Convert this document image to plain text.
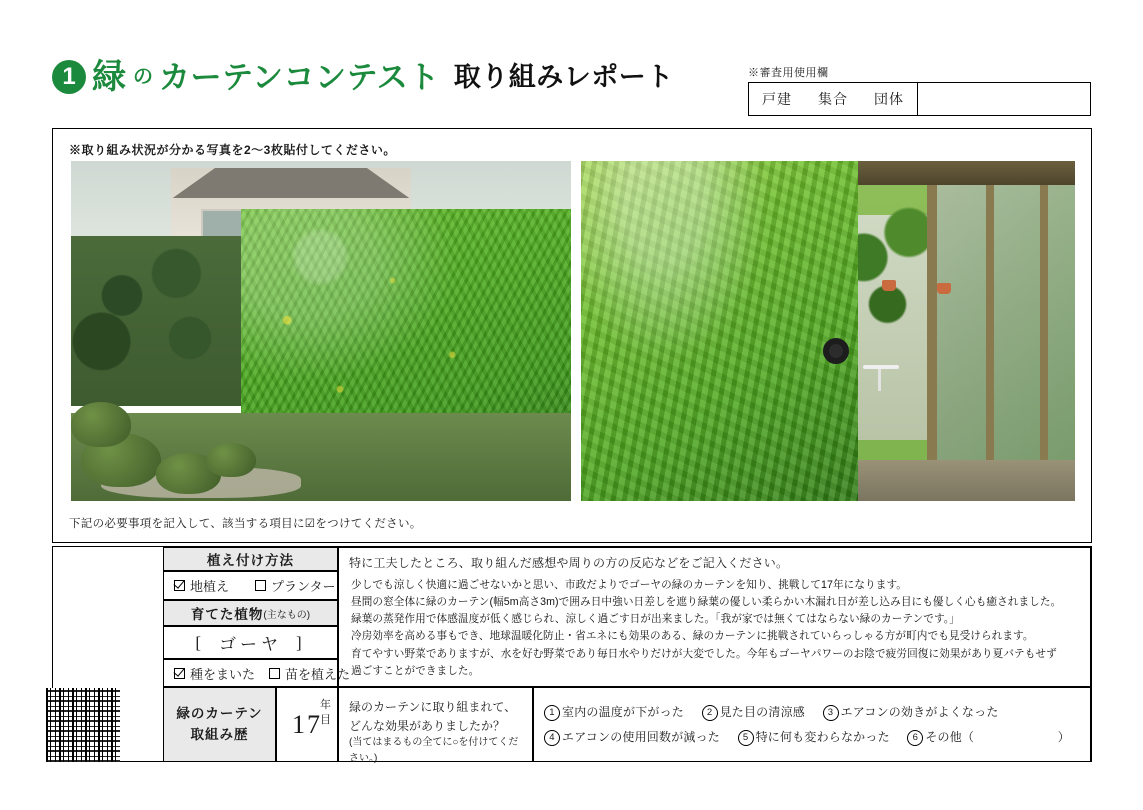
1 緑 の カーテンコンテスト 取り組みレポート	※審査用使用欄
戸建 集合 団体
※取り組み状況が分かる写真を2～3枚貼付してください。
下記の必要事項を記入して、該当する項目に☑をつけてください。
植え付け方法
地植え	プランター
育てた植物 (主なもの)
[ ゴーヤ ]
種をまいた 苗を植えた
特に工夫したところ、取り組んだ感想や周りの方の反応などをご記入ください。
少しでも涼しく快適に過ごせないかと思い、市政だよりでゴーヤの緑のカーテンを知り、挑戦して17年になります。
昼間の窓全体に緑のカーテン(幅5m高さ3m)で囲み日中強い日差しを遮り緑葉の優しい柔らかい木漏れ日が差し込み目にも優しく心も癒されました。
緑葉の蒸発作用で体感温度が低く感じられ、涼しく過ごす日が出来ました。「我が家では無くてはならない緑のカーテンです。」
冷房効率を高める事もでき、地球温暖化防止・省エネにも効果のある、緑のカーテンに挑戦されていらっしゃる方が町内でも見受けられます。
育てやすい野菜でありますが、水を好む野菜であり毎日水やりだけが大変でした。今年もゴーヤパワーのお陰で疲労回復に効果があり夏バテもせず
過ごすことができました。
緑のカーテン
取組み歴 17
年
目
緑のカーテンに取り組まれて、
どんな効果がありましたか？
(当てはまるもの全てに○を付けてください。)
1 室内の温度が下がった 2 見た目の清涼感 3 エアコンの効きがよくなった
4 エアコンの使用回数が減った 5 特に何も変わらなかった 6 その他（	）
